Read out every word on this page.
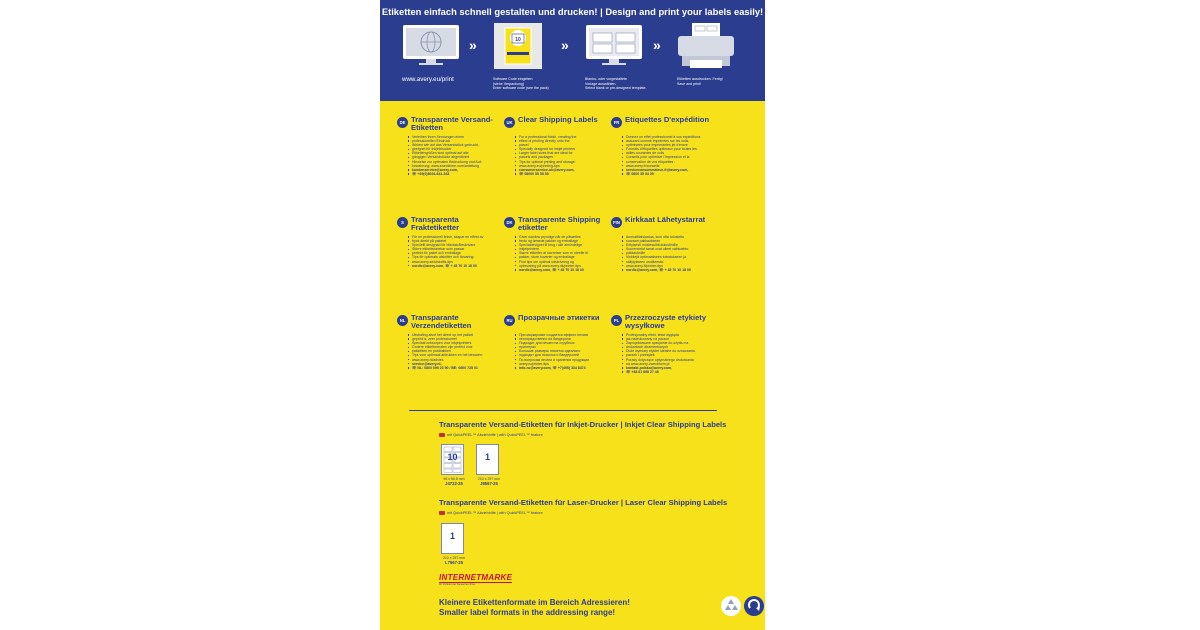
Etiketten einfach schnell gestalten und drucken! | Design and print your labels easily!
www.avery.eu/print
»	10
Software Code eingeben
(siehe Verpackung)
Enter software code (see the pack)
»
Blanko- oder vorgestaltete
Vorlage auswählen.
Select blank or pre-designed template.
»
Etiketten ausdrucken. Fertig!
Save and print!
DE Transparente Versand-Etiketten
Verleihen Ihren Sendungen einen
professionellen Eindruck
Wirken wie auf das Versandstück gedruckt,
geeignet für Inkjetdrucker
Etikettengrößen sind optimal auf alle
gängigen Versandstücke abgestimmt
Hinweise zur optimalen Bedruckung und Auf-
bewahrung: www.zweckform.com/anleitung
kundenservice@avery.com,
☏ +49(0)8024-641-343
UK Clear Shipping Labels
For a professional finish, creating the
effect of printing directly onto the
parcel
Specially designed for inkjet printers
Larger label sizes that are ideal for
parcels and packages
Tips for optimal printing and storage:
www.avery.eu/printing-tips
consumerservice-uk@avery.com,
☏ 08000 55 55 59
FR Etiquettes D'expédition
Donnez un effet professionnel à vos expéditions
assurant comme imprimées sur les colis,
optimisées pour imprimantes jet d'encre
Formats d'étiquettes optimaux pour toutes les
tailles courantes de colis
Conseils pour optimiser l'impression et la
conservation de vos étiquettes :
www.avery.fr/conseils
serviceconsommateur-fr@avery.com,
☏ 0800 35 54 09
S Transparenta Fraktetiketter
För en professionell finish, skapar en effekt av
tryck direkt på paketet
Speciellt designad för bläckstråleskrivare
Större etikettstorlekar som passar
perfekt för paket och emballage
Tips för optimala utskrifter och förvaring:
www.avery.se/utskrifts-tips
nordic@avery.com, ☏ + 45 70 10 18 00
DK Transparente Shipping etiketter
Giver wanlow pryndige når de påsættes
fredo og lømede pakker og emballage
Specialdesignet til brug i alle almindelige
inkjetprintere
Større etiketter af storrelser som er ideelle til
pakker, store kuverter og emballage
Find tips om optimal udskrivning og
opbevaring på www.avery.dk/printer-tips
nordic@avery.com, ☏ + 45 70 10 18 00
FIN Kirkkaat Lähetystarrat
Ammattilaislaatua, kuin olisi tulostettu
suoraan pakkaukseen
Erityisesti mustesuihkutulostimille
Suurennetut tarrat ovat olleet vaihtoehto
pakkauksille
Vinkkejä optimaaliseen tulostukseen ja
säilytykseen osoitteesta:
www.avery.fi/printer-tips
nordic@avery.com, ☏ + 45 70 10 18 00
NL Transparante Verzendetiketten
Uitstraling alsof het direct op het pakket
geprint is, zeer professioneel
Speciaal ontworpen voor inkjetprinters
Grotere etiketformaten zijn perfect voor
pakketten en postbakken
Tips voor optimaal afdrukken en het bewaren:
www.avery.nl/advies
service@avery.nl,
☏ NL: 0800 099 23 90 / BE: 0800 725 01
RU Прозрачные этикетки
При маркировке создается эффект печати
непосредственно на бандероли
Подходит для печати на струйных
принтерах
Большие размеры этикеток идеально
подходят для посылок и бандеролей
По вопросам печати и хранения продукции
avery.ru/printer-tips
info-ru@avery.com, ☏ +7(495) 334 8474
PL Przezroczyste etykiety wysyłkowe
Profesjonalny efekt, tekst wygląda
jak nadrukowany na paczce
Zaprojektowane specjalnie do użytku na
drukarkach atramentowych
Duże wymiary etykiet idealne do oznaczania
paczek i przesyłek
Porady dotyczące optymalnego drukowania
na www.avery-zweckform.pl
kontakt-polska@avery.com,
☏ +48 61 898 27 46
Transparente Versand-Etiketten für Inkjet-Drucker | Inkjet Clear Shipping Labels
mit QuickPEEL™ Abziehhilfe | with QuickPEEL™ feature
10
96 x 50,8 mm
J4722-25
1
210 x 297 mm
J8567-25
Transparente Versand-Etiketten für Laser-Drucker | Laser Clear Shipping Labels
mit QuickPEEL™ Abziehhilfe | with QuickPEEL™ feature
1
210 x 297 mm
L7567-25
INTERNETMARKE
Ihr Produkt der Deutschen Post
Kleinere Etikettenformate im Bereich Adressieren!
Smaller label formats in the addressing range!
